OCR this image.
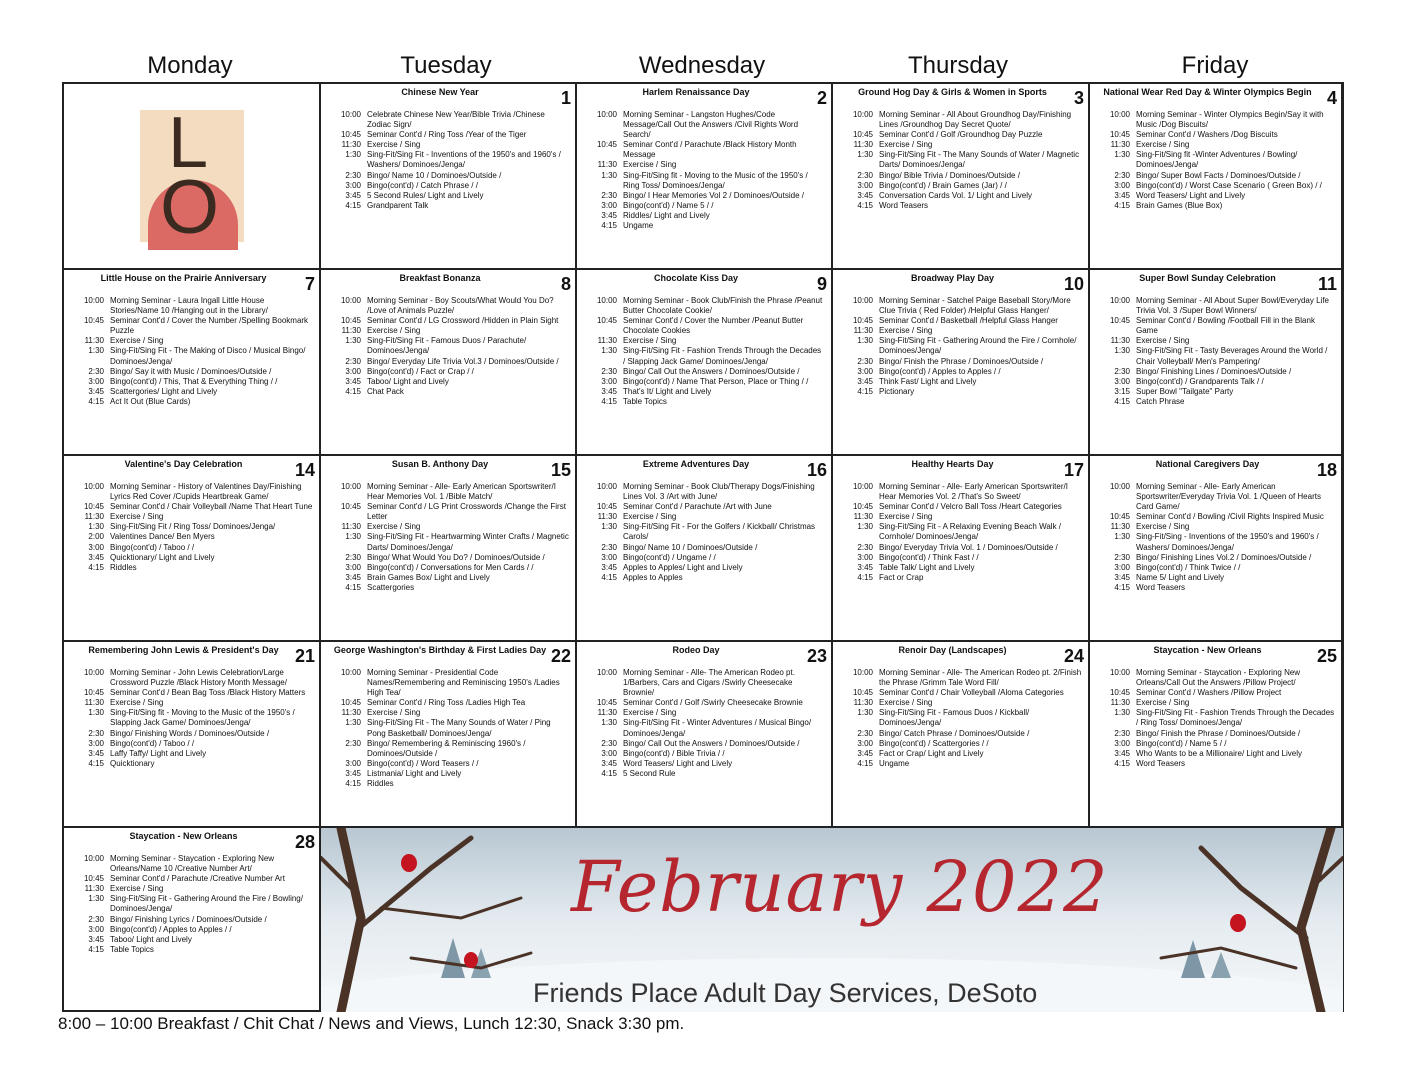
Monday	Tuesday	Wednesday	Thursday	Friday
L
O
February 2022
Friends Place Adult Day Services, DeSoto
Chinese New Year	1
10:00 Celebrate Chinese New Year/Bible Trivia /Chinese Zodiac Sign/
10:45 Seminar Cont'd / Ring Toss /Year of the Tiger
11:30 Exercise / Sing
1:30 Sing-Fit/Sing Fit - Inventions of the 1950's and 1960's / Washers/ Dominoes/Jenga/
2:30 Bingo/ Name 10 / Dominoes/Outside /
3:00 Bingo(cont'd) / Catch Phrase / /
3:45 5 Second Rules/ Light and Lively
4:15 Grandparent Talk
Harlem Renaissance Day	2
10:00 Morning Seminar - Langston Hughes/Code Message/Call Out the Answers /Civil Rights Word Search/
10:45 Seminar Cont'd / Parachute /Black History Month Message
11:30 Exercise / Sing
1:30 Sing-Fit/Sing fit - Moving to the Music of the 1950's / Ring Toss/ Dominoes/Jenga/
2:30 Bingo/ I Hear Memories Vol 2 / Dominoes/Outside /
3:00 Bingo(cont'd) / Name 5 / /
3:45 Riddles/ Light and Lively
4:15 Ungame
Ground Hog Day & Girls & Women in Sports	3
10:00 Morning Seminar - All About Groundhog Day/Finishing Lines /Groundhog Day Secret Quote/
10:45 Seminar Cont'd / Golf /Groundhog Day Puzzle
11:30 Exercise / Sing
1:30 Sing-Fit/Sing Fit - The Many Sounds of Water / Magnetic Darts/ Dominoes/Jenga/
2:30 Bingo/ Bible Trivia / Dominoes/Outside /
3:00 Bingo(cont'd) / Brain Games (Jar) / /
3:45 Conversation Cards Vol. 1/ Light and Lively
4:15 Word Teasers
National Wear Red Day & Winter Olympics Begin 4
10:00 Morning Seminar - Winter Olympics Begin/Say it with Music /Dog Biscuits/
10:45 Seminar Cont'd / Washers /Dog Biscuits
11:30 Exercise / Sing
1:30 Sing-Fit/Sing fit -Winter Adventures / Bowling/ Dominoes/Jenga/
2:30 Bingo/ Super Bowl Facts / Dominoes/Outside /
3:00 Bingo(cont'd) / Worst Case Scenario ( Green Box) / /
3:45 Word Teasers/ Light and Lively
4:15 Brain Games (Blue Box)
Little House on the Prairie Anniversary	7
10:00 Morning Seminar - Laura Ingall Little House Stories/Name 10 /Hanging out in the Library/
10:45 Seminar Cont'd / Cover the Number /Spelling Bookmark Puzzle
11:30 Exercise / Sing
1:30 Sing-Fit/Sing Fit - The Making of Disco / Musical Bingo/ Dominoes/Jenga/
2:30 Bingo/ Say it with Music / Dominoes/Outside /
3:00 Bingo(cont'd) / This, That & Everything Thing / /
3:45 Scattergories/ Light and Lively
4:15 Act It Out (Blue Cards)
Breakfast Bonanza	8
10:00 Morning Seminar - Boy Scouts/What Would You Do? /Love of Animals Puzzle/
10:45 Seminar Cont'd / LG Crossword /Hidden in Plain Sight
11:30 Exercise / Sing
1:30 Sing-Fit/Sing Fit - Famous Duos / Parachute/ Dominoes/Jenga/
2:30 Bingo/ Everyday Life Trivia Vol.3 / Dominoes/Outside /
3:00 Bingo(cont'd) / Fact or Crap / /
3:45 Taboo/ Light and Lively
4:15 Chat Pack
Chocolate Kiss Day	9
10:00 Morning Seminar - Book Club/Finish the Phrase /Peanut Butter Chocolate Cookie/
10:45 Seminar Cont'd / Cover the Number /Peanut Butter Chocolate Cookies
11:30 Exercise / Sing
1:30 Sing-Fit/Sing Fit - Fashion Trends Through the Decades / Slapping Jack Game/ Dominoes/Jenga/
2:30 Bingo/ Call Out the Answers / Dominoes/Outside /
3:00 Bingo(cont'd) / Name That Person, Place or Thing / /
3:45 That's It/ Light and Lively
4:15 Table Topics
Broadway Play Day	10
10:00 Morning Seminar - Satchel Paige Baseball Story/More Clue Trivia ( Red Folder) /Helpful Glass Hanger/
10:45 Seminar Cont'd / Basketball /Helpful Glass Hanger
11:30 Exercise / Sing
1:30 Sing-Fit/Sing Fit - Gathering Around the Fire / Cornhole/ Dominoes/Jenga/
2:30 Bingo/ Finish the Phrase / Dominoes/Outside /
3:00 Bingo(cont'd) / Apples to Apples / /
3:45 Think Fast/ Light and Lively
4:15 Pictionary
Super Bowl Sunday Celebration	11
10:00 Morning Seminar - All About Super Bowl/Everyday Life Trivia Vol. 3 /Super Bowl Winners/
10:45 Seminar Cont'd / Bowling /Football Fill in the Blank Game
11:30 Exercise / Sing
1:30 Sing-Fit/Sing Fit - Tasty Beverages Around the World / Chair Volleyball/ Men's Pampering/
2:30 Bingo/ Finishing Lines / Dominoes/Outside /
3:00 Bingo(cont'd) / Grandparents Talk / /
3:15 Super Bowl "Tailgate" Party
4:15 Catch Phrase
Valentine's Day Celebration	14
10:00 Morning Seminar - History of Valentines Day/Finishing Lyrics Red Cover /Cupids Heartbreak Game/
10:45 Seminar Cont'd / Chair Volleyball /Name That Heart Tune
11:30 Exercise / Sing
1:30 Sing-Fit/Sing Fit / Ring Toss/ Dominoes/Jenga/
2:00 Valentines Dance/ Ben Myers
3:00 Bingo(cont'd) / Taboo / /
3:45 Quicktionary/ Light and Lively
4:15 Riddles
Susan B. Anthony Day	15
10:00 Morning Seminar - Alle- Early American Sportswriter/I Hear Memories Vol. 1 /Bible Match/
10:45 Seminar Cont'd / LG Print Crosswords /Change the First Letter
11:30 Exercise / Sing
1:30 Sing-Fit/Sing Fit - Heartwarming Winter Crafts / Magnetic Darts/ Dominoes/Jenga/
2:30 Bingo/ What Would You Do? / Dominoes/Outside /
3:00 Bingo(cont'd) / Conversations for Men Cards / /
3:45 Brain Games Box/ Light and Lively
4:15 Scattergories
Extreme Adventures Day	16
10:00 Morning Seminar - Book Club/Therapy Dogs/Finishing Lines Vol. 3 /Art with June/
10:45 Seminar Cont'd / Parachute /Art with June
11:30 Exercise / Sing
1:30 Sing-Fit/Sing Fit - For the Golfers / Kickball/ Christmas Carols/
2:30 Bingo/ Name 10 / Dominoes/Outside /
3:00 Bingo(cont'd) / Ungame / /
3:45 Apples to Apples/ Light and Lively
4:15 Apples to Apples
Healthy Hearts Day	17
10:00 Morning Seminar - Alle- Early American Sportswriter/I Hear Memories Vol. 2 /That's So Sweet/
10:45 Seminar Cont'd / Velcro Ball Toss /Heart Categories
11:30 Exercise / Sing
1:30 Sing-Fit/Sing Fit - A Relaxing Evening Beach Walk / Cornhole/ Dominoes/Jenga/
2:30 Bingo/ Everyday Trivia Vol. 1 / Dominoes/Outside /
3:00 Bingo(cont'd) / Think Fast / /
3:45 Table Talk/ Light and Lively
4:15 Fact or Crap
National Caregivers Day	18
10:00 Morning Seminar - Alle- Early American Sportswriter/Everyday Trivia Vol. 1 /Queen of Hearts Card Game/
10:45 Seminar Cont'd / Bowling /Civil Rights Inspired Music
11:30 Exercise / Sing
1:30 Sing-Fit/Sing - Inventions of the 1950's and 1960's / Washers/ Dominoes/Jenga/
2:30 Bingo/ Finishing Lines Vol.2 / Dominoes/Outside /
3:00 Bingo(cont'd) / Think Twice / /
3:45 Name 5/ Light and Lively
4:15 Word Teasers
Remembering John Lewis & President's Day 21
10:00 Morning Seminar - John Lewis Celebration/Large Crossword Puzzle /Black History Month Message/
10:45 Seminar Cont'd / Bean Bag Toss /Black History Matters
11:30 Exercise / Sing
1:30 Sing-Fit/Sing fit - Moving to the Music of the 1950's / Slapping Jack Game/ Dominoes/Jenga/
2:30 Bingo/ Finishing Words / Dominoes/Outside /
3:00 Bingo(cont'd) / Taboo / /
3:45 Laffy Taffy/ Light and Lively
4:15 Quicktionary
George Washington's Birthday & First Ladies Day 22
10:00 Morning Seminar - Presidential Code Names/Remembering and Reminiscing 1950's /Ladies High Tea/
10:45 Seminar Cont'd / Ring Toss /Ladies High Tea
11:30 Exercise / Sing
1:30 Sing-Fit/Sing Fit - The Many Sounds of Water / Ping Pong Basketball/ Dominoes/Jenga/
2:30 Bingo/ Remembering & Reminiscing 1960's / Dominoes/Outside /
3:00 Bingo(cont'd) / Word Teasers / /
3:45 Listmania/ Light and Lively
4:15 Riddles
Rodeo Day	23
10:00 Morning Seminar - Alle- The American Rodeo pt. 1/Barbers, Cars and Cigars /Swirly Cheesecake Brownie/
10:45 Seminar Cont'd / Golf /Swirly Cheesecake Brownie
11:30 Exercise / Sing
1:30 Sing-Fit/Sing Fit - Winter Adventures / Musical Bingo/ Dominoes/Jenga/
2:30 Bingo/ Call Out the Answers / Dominoes/Outside /
3:00 Bingo(cont'd) / Bible Trivia / /
3:45 Word Teasers/ Light and Lively
4:15 5 Second Rule
Renoir Day (Landscapes)	24
10:00 Morning Seminar - Alle- The American Rodeo pt. 2/Finish the Phrase /Grimm Tale Word Fill/
10:45 Seminar Cont'd / Chair Volleyball /Aloma Categories
11:30 Exercise / Sing
1:30 Sing-Fit/Sing Fit - Famous Duos / Kickball/ Dominoes/Jenga/
2:30 Bingo/ Catch Phrase / Dominoes/Outside /
3:00 Bingo(cont'd) / Scattergories / /
3:45 Fact or Crap/ Light and Lively
4:15 Ungame
Staycation - New Orleans	25
10:00 Morning Seminar - Staycation - Exploring New Orleans/Call Out the Answers /Pillow Project/
10:45 Seminar Cont'd / Washers /Pillow Project
11:30 Exercise / Sing
1:30 Sing-Fit/Sing Fit - Fashion Trends Through the Decades / Ring Toss/ Dominoes/Jenga/
2:30 Bingo/ Finish the Phrase / Dominoes/Outside /
3:00 Bingo(cont'd) / Name 5 / /
3:45 Who Wants to be a Millionaire/ Light and Lively
4:15 Word Teasers
Staycation - New Orleans	28
10:00 Morning Seminar - Staycation - Exploring New Orleans/Name 10 /Creative Number Art/
10:45 Seminar Cont'd / Parachute /Creative Number Art
11:30 Exercise / Sing
1:30 Sing-Fit/Sing Fit - Gathering Around the Fire / Bowling/ Dominoes/Jenga/
2:30 Bingo/ Finishing Lyrics / Dominoes/Outside /
3:00 Bingo(cont'd) / Apples to Apples / /
3:45 Taboo/ Light and Lively
4:15 Table Topics
8:00 – 10:00 Breakfast / Chit Chat / News and Views, Lunch 12:30, Snack 3:30 pm.
